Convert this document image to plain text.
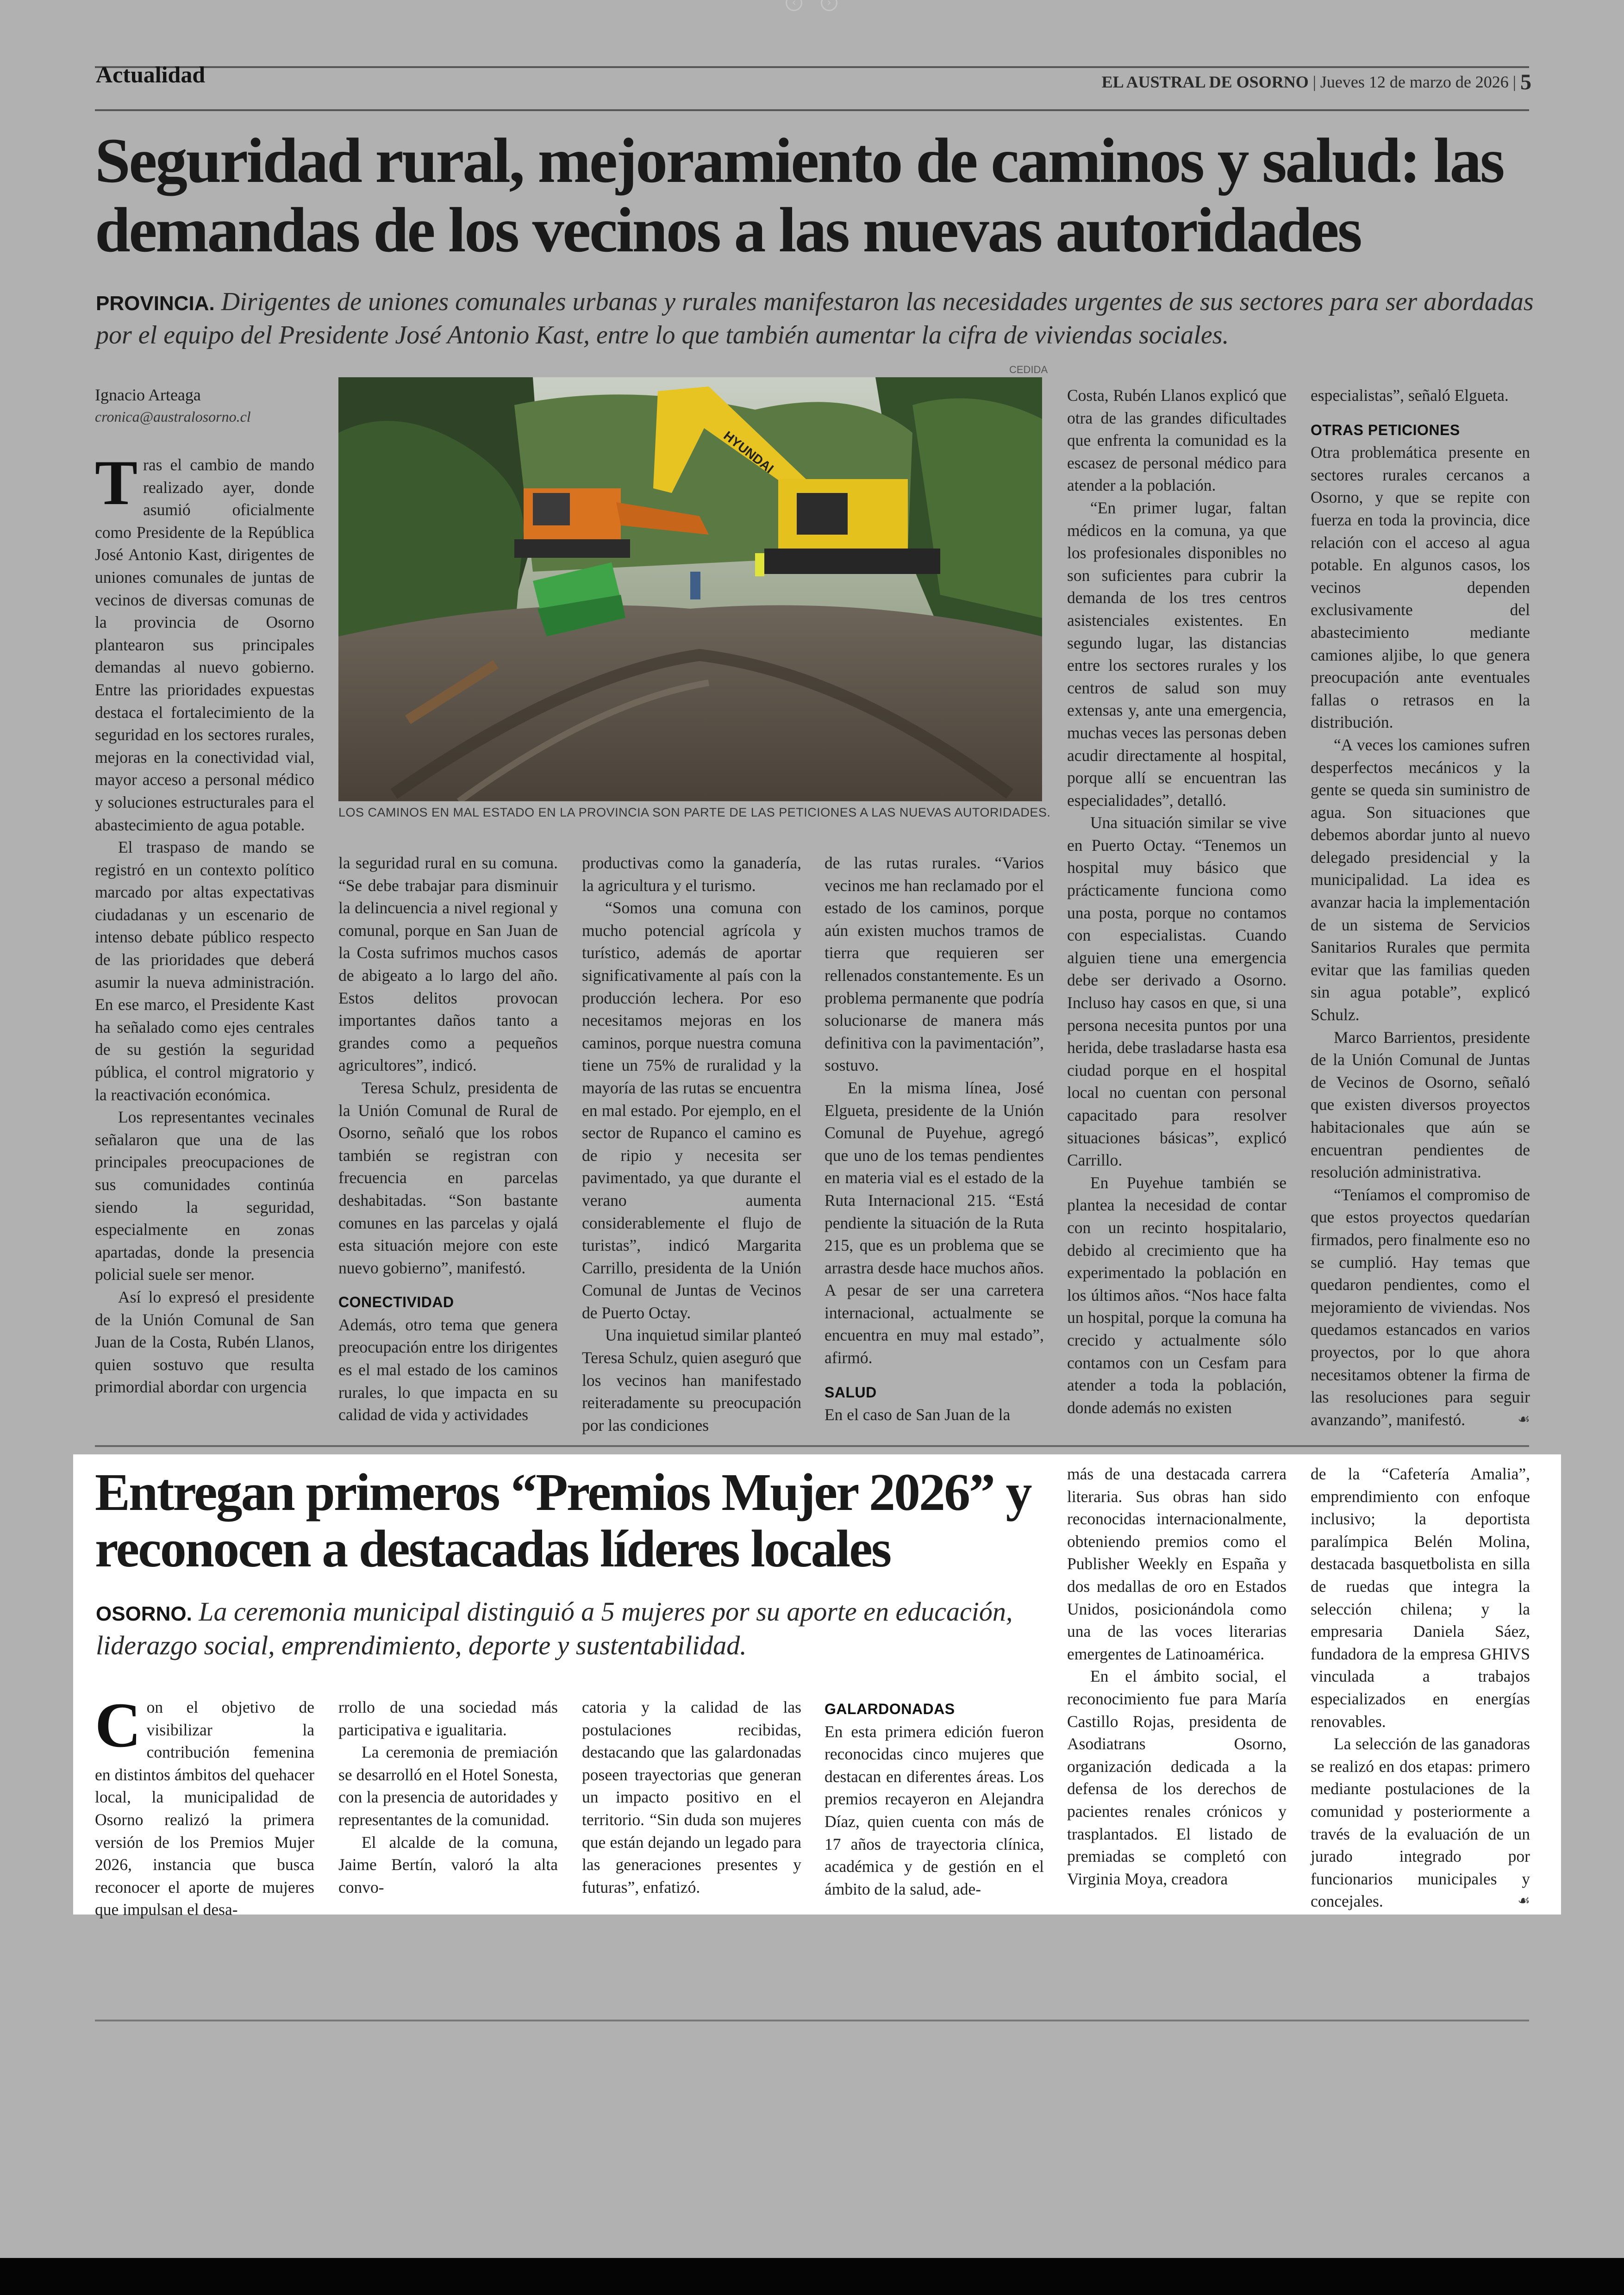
‹	›
Actualidad	EL AUSTRAL DE OSORNO | Jueves 12 de marzo de 2026 | 5
Seguridad rural, mejoramiento de caminos y salud: las demandas de los vecinos a las nuevas autoridades
PROVINCIA. Dirigentes de uniones comunales urbanas y rurales manifestaron las necesidades urgentes de sus sectores para ser abordadas por el equipo del Presidente José Antonio Kast, entre lo que también aumentar la cifra de viviendas sociales.
Ignacio Arteaga
cronica@australosorno.cl
CEDIDA
HYUNDAI
LOS CAMINOS EN MAL ESTADO EN LA PROVINCIA SON PARTE DE LAS PETICIONES A LAS NUEVAS AUTORIDADES.

Tras el cambio de mando realizado ayer, donde asumió oficialmente como Presidente de la República José Antonio Kast, dirigentes de uniones comunales de juntas de vecinos de diversas comunas de la provincia de Osorno plantearon sus principales demandas al nuevo gobierno. Entre las prioridades expuestas destaca el fortalecimiento de la seguridad en los sectores rurales, mejoras en la conectividad vial, mayor acceso a personal médico y soluciones estructurales para el abastecimiento de agua potable.

El traspaso de mando se registró en un contexto político marcado por altas expectativas ciudadanas y un escenario de intenso debate público respecto de las prioridades que deberá asumir la nueva administración. En ese marco, el Presidente Kast ha señalado como ejes centrales de su gestión la seguridad pública, el control migratorio y la reactivación económica.

Los representantes vecinales señalaron que una de las principales preocupaciones de sus comunidades continúa siendo la seguridad, especialmente en zonas apartadas, donde la presencia policial suele ser menor.

Así lo expresó el presidente de la Unión Comunal de San Juan de la Costa, Rubén Llanos, quien sostuvo que resulta primordial abordar con urgencia

la seguridad rural en su comuna. “Se debe trabajar para disminuir la delincuencia a nivel regional y comunal, porque en San Juan de la Costa sufrimos muchos casos de abigeato a lo largo del año. Estos delitos provocan importantes daños tanto a grandes como a pequeños agricultores”, indicó.

Teresa Schulz, presidenta de la Unión Comunal de Rural de Osorno, señaló que los robos también se registran con frecuencia en parcelas deshabitadas. “Son bastante comunes en las parcelas y ojalá esta situación mejore con este nuevo gobierno”, manifestó.

CONECTIVIDAD

Además, otro tema que genera preocupación entre los dirigentes es el mal estado de los caminos rurales, lo que impacta en su calidad de vida y actividades

productivas como la ganadería, la agricultura y el turismo.

“Somos una comuna con mucho potencial agrícola y turístico, además de aportar significativamente al país con la producción lechera. Por eso necesitamos mejoras en los caminos, porque nuestra comuna tiene un 75% de ruralidad y la mayoría de las rutas se encuentra en mal estado. Por ejemplo, en el sector de Rupanco el camino es de ripio y necesita ser pavimentado, ya que durante el verano aumenta considerablemente el flujo de turistas”, indicó Margarita Carrillo, presidenta de la Unión Comunal de Juntas de Vecinos de Puerto Octay.

Una inquietud similar planteó Teresa Schulz, quien aseguró que los vecinos han manifestado reiteradamente su preocupación por las condiciones

de las rutas rurales. “Varios vecinos me han reclamado por el estado de los caminos, porque aún existen muchos tramos de tierra que requieren ser rellenados constantemente. Es un problema permanente que podría solucionarse de manera más definitiva con la pavimentación”, sostuvo.

En la misma línea, José Elgueta, presidente de la Unión Comunal de Puyehue, agregó que uno de los temas pendientes en materia vial es el estado de la Ruta Internacional 215. “Está pendiente la situación de la Ruta 215, que es un problema que se arrastra desde hace muchos años. A pesar de ser una carretera internacional, actualmente se encuentra en muy mal estado”, afirmó.

SALUD

En el caso de San Juan de la

Costa, Rubén Llanos explicó que otra de las grandes dificultades que enfrenta la comunidad es la escasez de personal médico para atender a la población.

“En primer lugar, faltan médicos en la comuna, ya que los profesionales disponibles no son suficientes para cubrir la demanda de los tres centros asistenciales existentes. En segundo lugar, las distancias entre los sectores rurales y los centros de salud son muy extensas y, ante una emergencia, muchas veces las personas deben acudir directamente al hospital, porque allí se encuentran las especialidades”, detalló.

Una situación similar se vive en Puerto Octay. “Tenemos un hospital muy básico que prácticamente funciona como una posta, porque no contamos con especialistas. Cuando alguien tiene una emergencia debe ser derivado a Osorno. Incluso hay casos en que, si una persona necesita puntos por una herida, debe trasladarse hasta esa ciudad porque en el hospital local no cuentan con personal capacitado para resolver situaciones básicas”, explicó Carrillo.

En Puyehue también se plantea la necesidad de contar con un recinto hospitalario, debido al crecimiento que ha experimentado la población en los últimos años. “Nos hace falta un hospital, porque la comuna ha crecido y actualmente sólo contamos con un Cesfam para atender a toda la población, donde además no existen

especialistas”, señaló Elgueta.

OTRAS PETICIONES

Otra problemática presente en sectores rurales cercanos a Osorno, y que se repite con fuerza en toda la provincia, dice relación con el acceso al agua potable. En algunos casos, los vecinos dependen exclusivamente del abastecimiento mediante camiones aljibe, lo que genera preocupación ante eventuales fallas o retrasos en la distribución.

“A veces los camiones sufren desperfectos mecánicos y la gente se queda sin suministro de agua. Son situaciones que debemos abordar junto al nuevo delegado presidencial y la municipalidad. La idea es avanzar hacia la implementación de un sistema de Servicios Sanitarios Rurales que permita evitar que las familias queden sin agua potable”, explicó Schulz.

Marco Barrientos, presidente de la Unión Comunal de Juntas de Vecinos de Osorno, señaló que existen diversos proyectos habitacionales que aún se encuentran pendientes de resolución administrativa.

“Teníamos el compromiso de que estos proyectos quedarían firmados, pero finalmente eso no se cumplió. Hay temas que quedaron pendientes, como el mejoramiento de viviendas. Nos quedamos estancados en varios proyectos, por lo que ahora necesitamos obtener la firma de las resoluciones para seguir avanzando”, manifestó.	☙

Entregan primeros “Premios Mujer 2026” y reconocen a destacadas líderes locales
OSORNO. La ceremonia municipal distinguió a 5 mujeres por su aporte en educación, liderazgo social, emprendimiento, deporte y sustentabilidad.

Con el objetivo de visibilizar la contribución femenina en distintos ámbitos del quehacer local, la municipalidad de Osorno realizó la primera versión de los Premios Mujer 2026, instancia que busca reconocer el aporte de mujeres que impulsan el desa-

rrollo de una sociedad más participativa e igualitaria.

La ceremonia de premiación se desarrolló en el Hotel Sonesta, con la presencia de autoridades y representantes de la comunidad.

El alcalde de la comuna, Jaime Bertín, valoró la alta convo-

catoria y la calidad de las postulaciones recibidas, destacando que las galardonadas poseen trayectorias que generan un impacto positivo en el territorio. “Sin duda son mujeres que están dejando un legado para las generaciones presentes y futuras”, enfatizó.

GALARDONADAS

En esta primera edición fueron reconocidas cinco mujeres que destacan en diferentes áreas. Los premios recayeron en Alejandra Díaz, quien cuenta con más de 17 años de trayectoria clínica, académica y de gestión en el ámbito de la salud, ade-

más de una destacada carrera literaria. Sus obras han sido reconocidas internacionalmente, obteniendo premios como el Publisher Weekly en España y dos medallas de oro en Estados Unidos, posicionándola como una de las voces literarias emergentes de Latinoamérica.

En el ámbito social, el reconocimiento fue para María Castillo Rojas, presidenta de Asodiatrans Osorno, organización dedicada a la defensa de los derechos de pacientes renales crónicos y trasplantados. El listado de premiadas se completó con Virginia Moya, creadora

de la “Cafetería Amalia”, emprendimiento con enfoque inclusivo; la deportista paralímpica Belén Molina, destacada basquetbolista en silla de ruedas que integra la selección chilena; y la empresaria Daniela Sáez, fundadora de la empresa GHIVS vinculada a trabajos especializados en energías renovables.

La selección de las ganadoras se realizó en dos etapas: primero mediante postulaciones de la comunidad y posteriormente a través de la evaluación de un jurado integrado por funcionarios municipales y concejales.	☙
